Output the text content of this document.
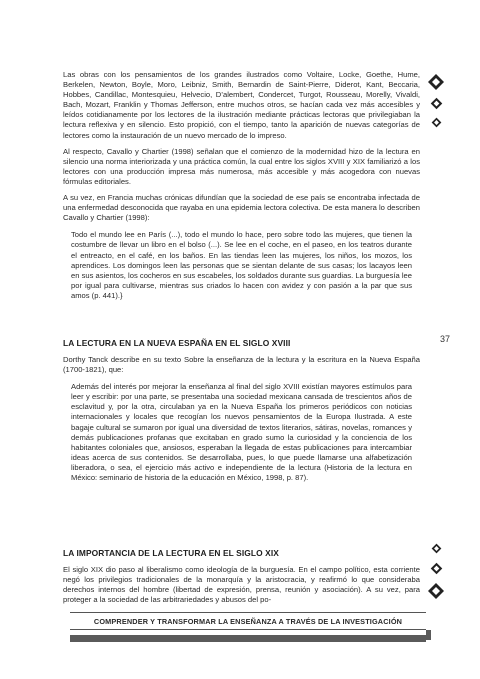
Las obras con los pensamientos de los grandes ilustrados como Voltaire, Locke, Goethe, Hume, Berkelen, Newton, Boyle, Moro, Leibniz, Smith, Bernardin de Saint-Pierre, Diderot, Kant, Beccaria, Hobbes, Candillac, Montesquieu, Helvecio, D’alembert, Condercet, Turgot, Rousseau, Morelly, Vivaldi, Bach, Mozart, Franklin y Thomas Jefferson, entre muchos otros, se hacían cada vez más accesibles y leídos cotidianamente por los lectores de la ilustración mediante prácticas lectoras que privilegiaban la lectura reflexiva y en silencio. Esto propició, con el tiempo, tanto la aparición de nuevas categorías de lectores como la instauración de un nuevo mercado de lo impreso.

Al respecto, Cavallo y Chartier (1998) señalan que el comienzo de la modernidad hizo de la lectura en silencio una norma interiorizada y una práctica común, la cual entre los siglos XVIII y XIX familiarizó a los lectores con una producción impresa más numerosa, más accesible y más acogedora con nuevas fórmulas editoriales.

A su vez, en Francia muchas crónicas difundían que la sociedad de ese país se encontraba infectada de una enfermedad desconocida que rayaba en una epidemia lectora colectiva. De esta manera lo describen Cavallo y Chartier (1998):

Todo el mundo lee en París (...), todo el mundo lo hace, pero sobre todo las mujeres, que tienen la costumbre de llevar un libro en el bolso (...). Se lee en el coche, en el paseo, en los teatros durante el entreacto, en el café, en los baños. En las tiendas leen las mujeres, los niños, los mozos, los aprendices. Los domingos leen las personas que se sientan delante de sus casas; los lacayos leen en sus asientos, los cocheros en sus escabeles, los soldados durante sus guardias. La burguesía lee por igual para cultivarse, mientras sus criados lo hacen con avidez y con pasión a la par que sus amos (p. 441).}

LA LECTURA EN LA NUEVA ESPAÑA EN EL SIGLO XVIII

Dorthy Tanck describe en su texto Sobre la enseñanza de la lectura y la escritura en la Nueva España (1700-1821), que:

Además del interés por mejorar la enseñanza al final del siglo XVIII existían mayores estímulos para leer y escribir: por una parte, se presentaba una sociedad mexicana cansada de trescientos años de esclavitud y, por la otra, circulaban ya en la Nueva España los primeros periódicos con noticias internacionales y locales que recogían los nuevos pensamientos de la Europa Ilustrada. A este bagaje cultural se sumaron por igual una diversidad de textos literarios, sátiras, novelas, romances y demás publicaciones profanas que excitaban en grado sumo la curiosidad y la conciencia de los habitantes coloniales que, ansiosos, esperaban la llegada de estas publicaciones para intercambiar ideas acerca de sus contenidos. Se desarrollaba, pues, lo que puede llamarse una alfabetización liberadora, o sea, el ejercicio más activo e independiente de la lectura (Historia de la lectura en México: seminario de historia de la educación en México, 1998, p. 87).

LA IMPORTANCIA DE LA LECTURA EN EL SIGLO XIX

El siglo XIX dio paso al liberalismo como ideología de la burguesía. En el campo político, esta corriente negó los privilegios tradicionales de la monarquía y la aristocracia, y reafirmó lo que consideraba derechos internos del hombre (libertad de expresión, prensa, reunión y asociación). A su vez, para proteger a la sociedad de las arbitrariedades y abusos del po-

37
COMPRENDER Y TRANSFORMAR LA ENSEÑANZA A TRAVÉS DE LA INVESTIGACIÓN
